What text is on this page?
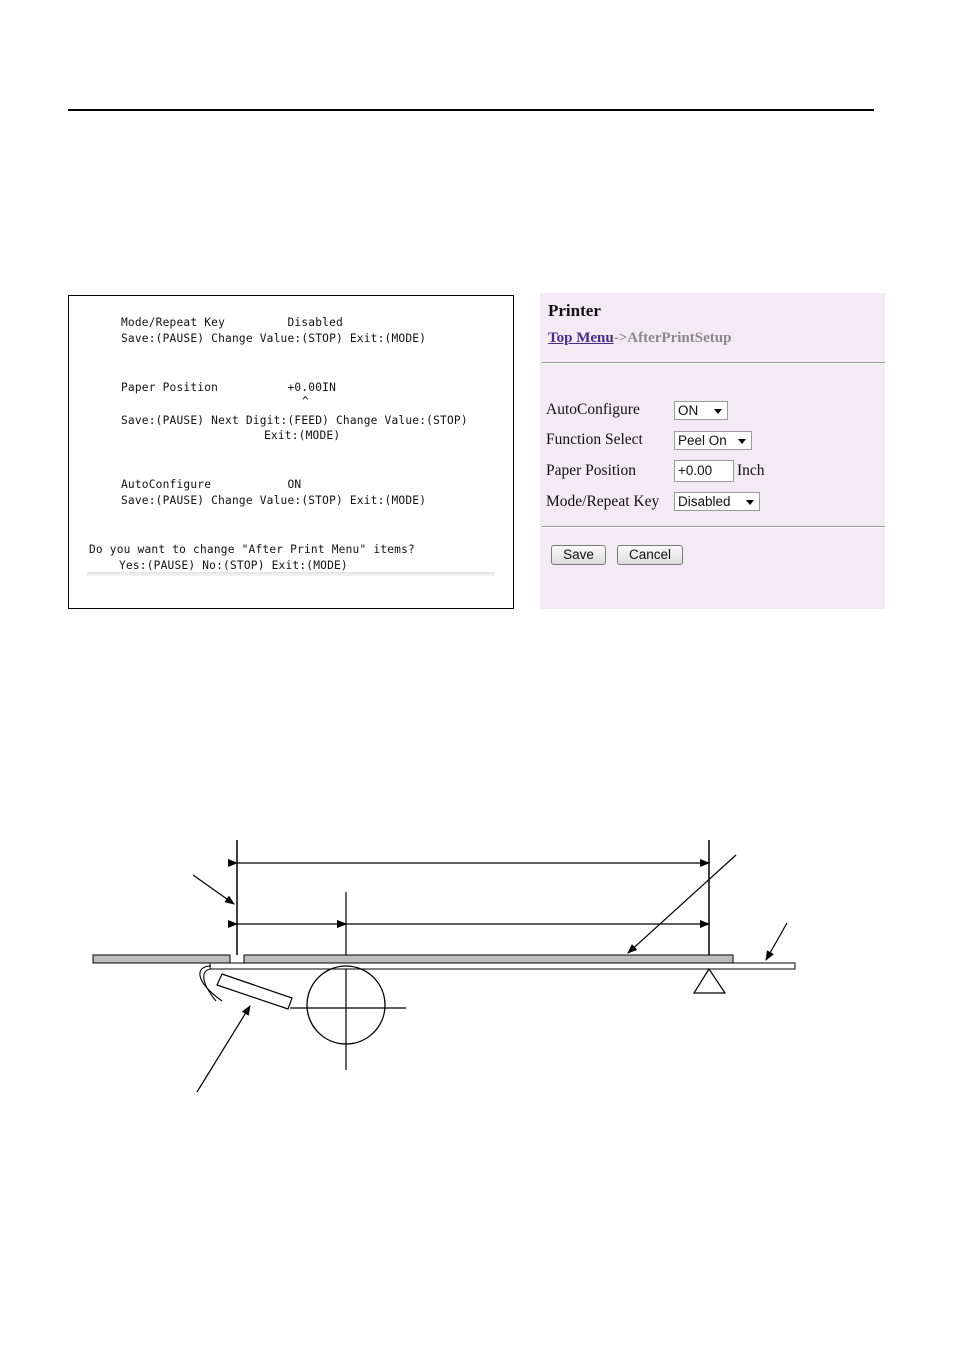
Mode/Repeat Key         Disabled
Save:(PAUSE) Change Value:(STOP) Exit:(MODE)
Paper Position          +0.00IN
^
Save:(PAUSE) Next Digit:(FEED) Change Value:(STOP)
Exit:(MODE)
AutoConfigure           ON
Save:(PAUSE) Change Value:(STOP) Exit:(MODE)
Do you want to change "After Print Menu" items?
Yes:(PAUSE) No:(STOP) Exit:(MODE)
Printer
Top Menu->AfterPrintSetup
AutoConfigure	ON
Function Select	Peel On
Paper Position	+0.00	Inch
Mode/Repeat Key Disabled
Save	Cancel
